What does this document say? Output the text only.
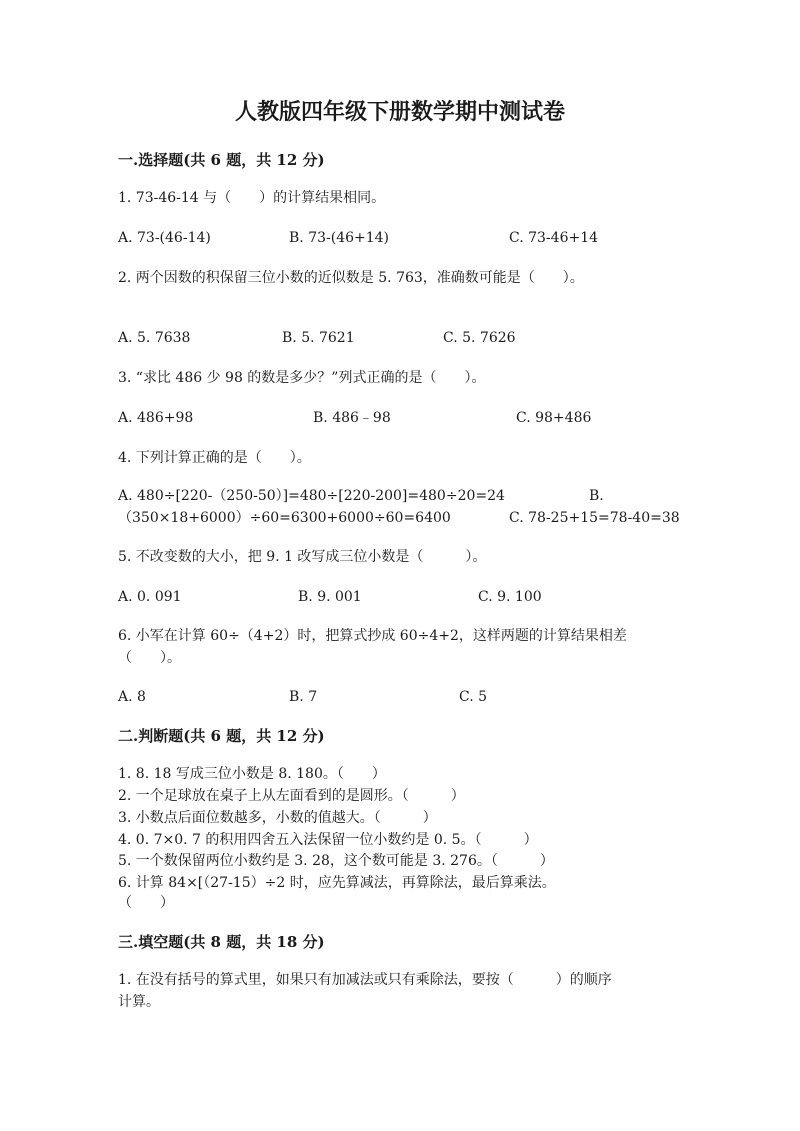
人教版四年级下册数学期中测试卷
一.选择题(共 6 题，共 12 分)
1. 73-46-14 与（　　）的计算结果相同。
A. 73-(46-14)	B. 73-(46+14)	C. 73-46+14
2. 两个因数的积保留三位小数的近似数是 5. 763，准确数可能是（　　）。
A. 5. 7638	B. 5. 7621	C. 5. 7626
3. “求比 486 少 98 的数是多少？”列式正确的是（　　）。
A. 486+98	B. 486﹣98	C. 98+486
4. 下列计算正确的是（　　）。
A. 480÷[220-（250-50）]=480÷[220-200]=480÷20=24	B.
（350×18+6000）÷60=6300+6000÷60=6400	C. 78-25+15=78-40=38
5. 不改变数的大小，把 9. 1 改写成三位小数是（　　　）。
A. 0. 091	B. 9. 001	C. 9. 100
6. 小军在计算 60÷（4+2）时，把算式抄成 60÷4+2，这样两题的计算结果相差
（　　）。
A. 8	B. 7	C. 5
二.判断题(共 6 题，共 12 分)
1. 8. 18 写成三位小数是 8. 180。（　　）
2. 一个足球放在桌子上从左面看到的是圆形。（　　　）
3. 小数点后面位数越多，小数的值越大。（　　　）
4. 0. 7×0. 7 的积用四舍五入法保留一位小数约是 0. 5。（　　　）
5. 一个数保留两位小数约是 3. 28，这个数可能是 3. 276。（　　　）
6. 计算 84×[（27-15）÷2 时，应先算减法，再算除法，最后算乘法。
（　　）
三.填空题(共 8 题，共 18 分)
1. 在没有括号的算式里，如果只有加减法或只有乘除法，要按（　　　）的顺序
计算。
